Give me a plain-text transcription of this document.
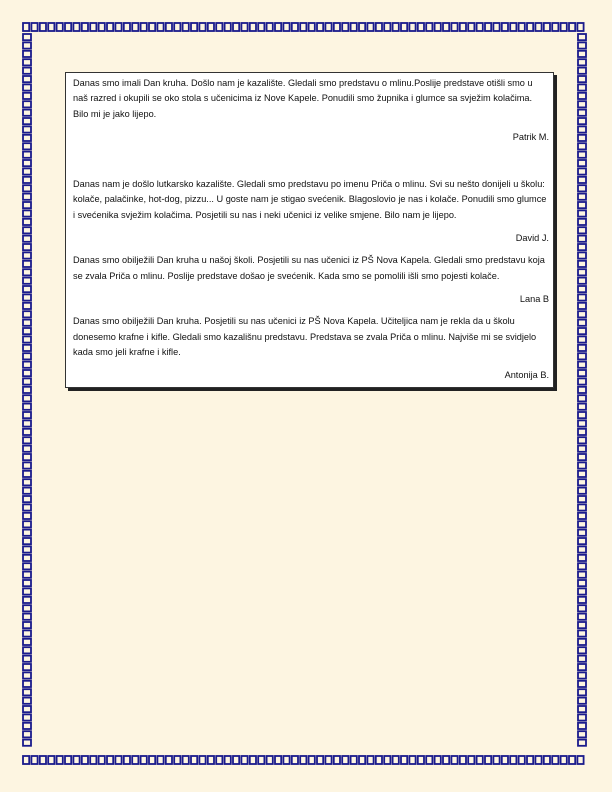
Danas smo imali Dan kruha. Došlo nam je kazalište. Gledali smo predstavu o mlinu.Poslije predstave otišli smo u naš razred i okupili se oko stola s učenicima iz Nove Kapele. Ponudili smo župnika i glumce sa svježim kolačima. Bilo mi je jako lijepo.

Patrik M.

Danas nam je došlo lutkarsko kazalište. Gledali smo predstavu po imenu Priča o mlinu. Svi su nešto donijeli u školu: kolače, palačinke, hot-dog, pizzu... U goste nam je stigao svećenik. Blagoslovio je nas i kolače. Ponudili smo glumce i svećenika svježim kolačima. Posjetili su nas i neki učenici iz velike smjene. Bilo nam je lijepo.

David J.

Danas smo obilježili Dan kruha u našoj školi. Posjetili su nas učenici iz PŠ Nova Kapela. Gledali smo predstavu koja se zvala Priča o mlinu. Poslije predstave došao je svećenik. Kada smo se pomolili išli smo pojesti kolače.

Lana B

Danas smo obilježili Dan kruha. Posjetili su nas učenici iz PŠ Nova Kapela. Učiteljica nam je rekla da u školu donesemo krafne i kifle. Gledali smo kazališnu predstavu. Predstava se zvala Priča o mlinu. Najviše mi se svidjelo kada smo jeli krafne i kifle.

Antonija B.
